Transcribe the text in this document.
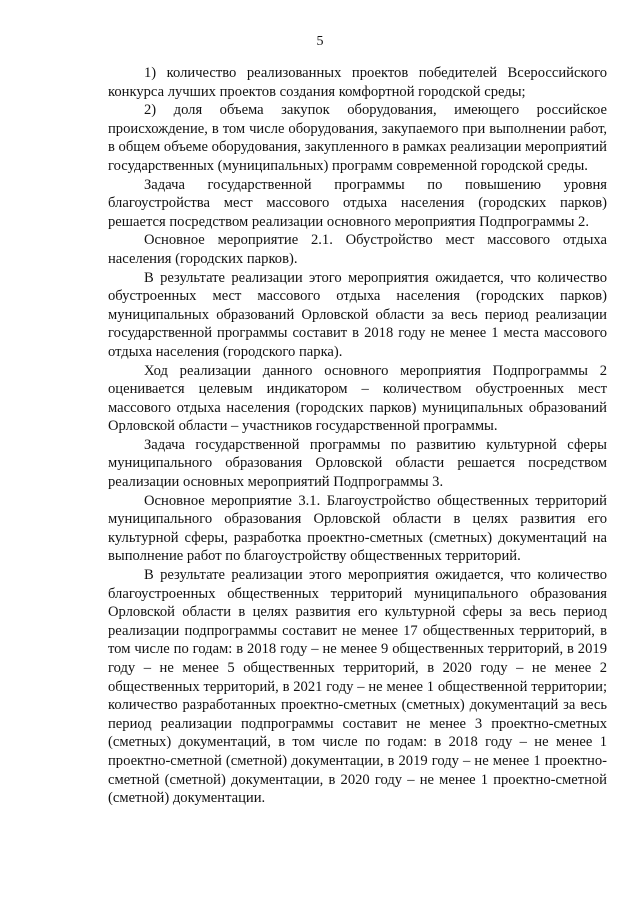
5

1) количество реализованных проектов победителей Всероссийского конкурса лучших проектов создания комфортной городской среды;

2) доля объема закупок оборудования, имеющего российское происхождение, в том числе оборудования, закупаемого при выполнении работ, в общем объеме оборудования, закупленного в рамках реализации мероприятий государственных (муниципальных) программ современной городской среды.

Задача государственной программы по повышению уровня благоустройства мест массового отдыха населения (городских парков) решается посредством реализации основного мероприятия Подпрограммы 2.

Основное мероприятие 2.1. Обустройство мест массового отдыха населения (городских парков).

В результате реализации этого мероприятия ожидается, что количество обустроенных мест массового отдыха населения (городских парков) муниципальных образований Орловской области за весь период реализации государственной программы составит в 2018 году не менее 1 места массового отдыха населения (городского парка).

Ход реализации данного основного мероприятия Подпрограммы 2 оценивается целевым индикатором – количеством обустроенных мест массового отдыха населения (городских парков) муниципальных образований Орловской области – участников государственной программы.

Задача государственной программы по развитию культурной сферы муниципального образования Орловской области решается посредством реализации основных мероприятий Подпрограммы 3.

Основное мероприятие 3.1. Благоустройство общественных территорий муниципального образования Орловской области в целях развития его культурной сферы, разработка проектно-сметных (сметных) документаций на выполнение работ по благоустройству общественных территорий.

В результате реализации этого мероприятия ожидается, что количество благоустроенных общественных территорий муниципального образования Орловской области в целях развития его культурной сферы за весь период реализации подпрограммы составит не менее 17 общественных территорий, в том числе по годам: в 2018 году – не менее 9 общественных территорий, в 2019 году – не менее 5 общественных территорий, в 2020 году – не менее 2 общественных территорий, в 2021 году – не менее 1 общественной территории; количество разработанных проектно-сметных (сметных) документаций за весь период реализации подпрограммы составит не менее 3 проектно-сметных (сметных) документаций, в том числе по годам: в 2018 году – не менее 1 проектно-сметной (сметной) документации, в 2019 году – не менее 1 проектно-сметной (сметной) документации, в 2020 году – не менее 1 проектно-сметной (сметной) документации.
